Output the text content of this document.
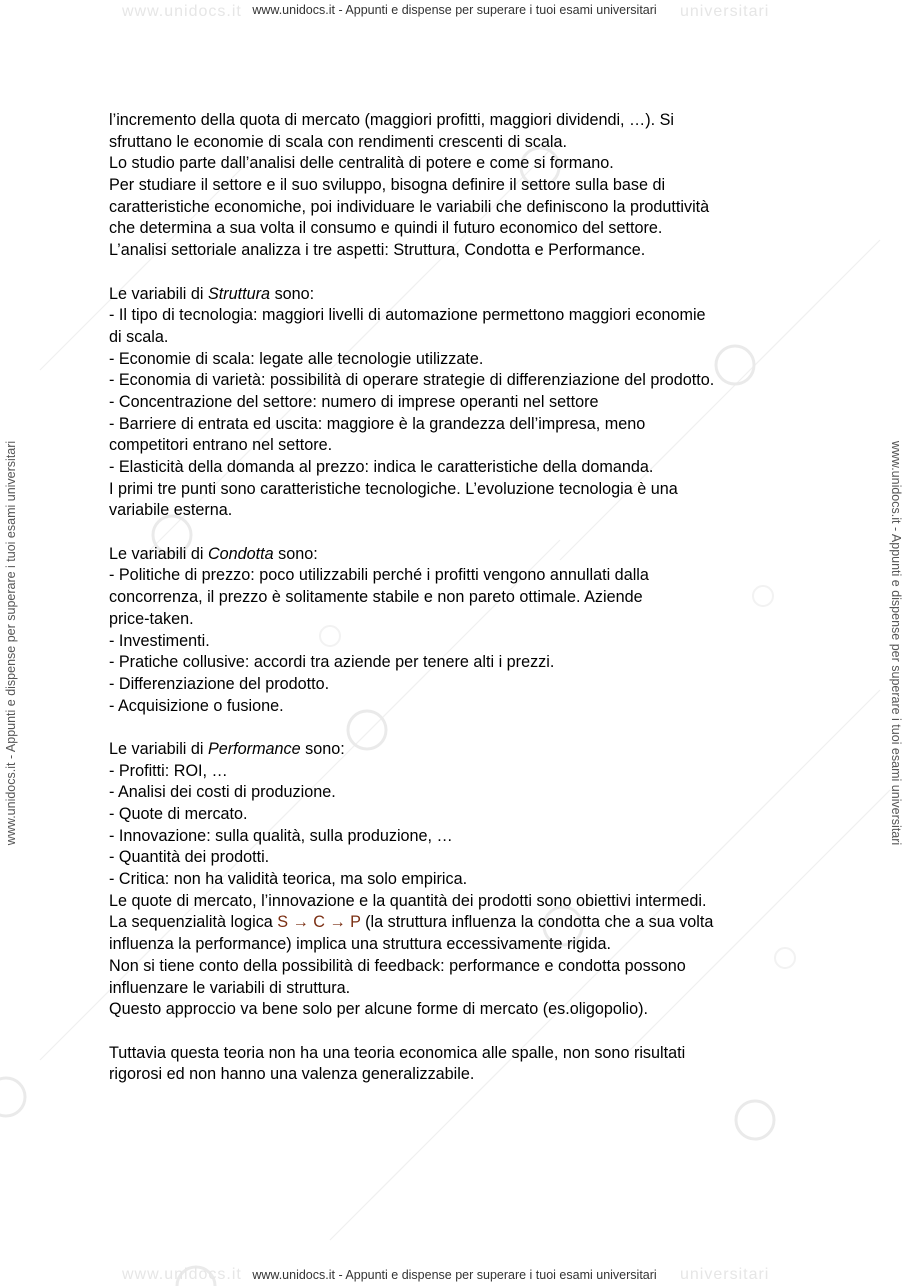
www.unidocs.it	universitari
www.unidocs.it	universitari
www.unidocs.it - Appunti e dispense per superare i tuoi esami universitari
www.unidocs.it - Appunti e dispense per superare i tuoi esami universitari
www.unidocs.it - Appunti e dispense per superare i tuoi esami universitari	www.unidocs.it - Appunti e dispense per superare i tuoi esami universitari
l’incremento della quota di mercato (maggiori profitti, maggiori dividendi, …). Si
sfruttano le economie di scala con rendimenti crescenti di scala.
Lo studio parte dall’analisi delle centralità di potere e come si formano.
Per studiare il settore e il suo sviluppo, bisogna definire il settore sulla base di
caratteristiche economiche, poi individuare le variabili che definiscono la produttività
che determina a sua volta il consumo e quindi il futuro economico del settore.
L’analisi settoriale analizza i tre aspetti: Struttura, Condotta e Performance.
Le variabili di Struttura sono:
- Il tipo di tecnologia: maggiori livelli di automazione permettono maggiori economie
di scala.
- Economie di scala: legate alle tecnologie utilizzate.
- Economia di varietà: possibilità di operare strategie di differenziazione del prodotto.
- Concentrazione del settore: numero di imprese operanti nel settore
- Barriere di entrata ed uscita: maggiore è la grandezza dell’impresa, meno
competitori entrano nel settore.
- Elasticità della domanda al prezzo: indica le caratteristiche della domanda.
I primi tre punti sono caratteristiche tecnologiche. L’evoluzione tecnologia è una
variabile esterna.
Le variabili di Condotta sono:
- Politiche di prezzo: poco utilizzabili perché i profitti vengono annullati dalla
concorrenza, il prezzo è solitamente stabile e non pareto ottimale. Aziende
price-taken.
- Investimenti.
- Pratiche collusive: accordi tra aziende per tenere alti i prezzi.
- Differenziazione del prodotto.
- Acquisizione o fusione.
Le variabili di Performance sono:
- Profitti: ROI, …
- Analisi dei costi di produzione.
- Quote di mercato.
- Innovazione: sulla qualità, sulla produzione, …
- Quantità dei prodotti.
- Critica: non ha validità teorica, ma solo empirica.
Le quote di mercato, l’innovazione e la quantità dei prodotti sono obiettivi intermedi.
La sequenzialità logica S → C → P (la struttura influenza la condotta che a sua volta
influenza la performance) implica una struttura eccessivamente rigida.
Non si tiene conto della possibilità di feedback: performance e condotta possono
influenzare le variabili di struttura.
Questo approccio va bene solo per alcune forme di mercato (es.oligopolio).
Tuttavia questa teoria non ha una teoria economica alle spalle, non sono risultati
rigorosi ed non hanno una valenza generalizzabile.
